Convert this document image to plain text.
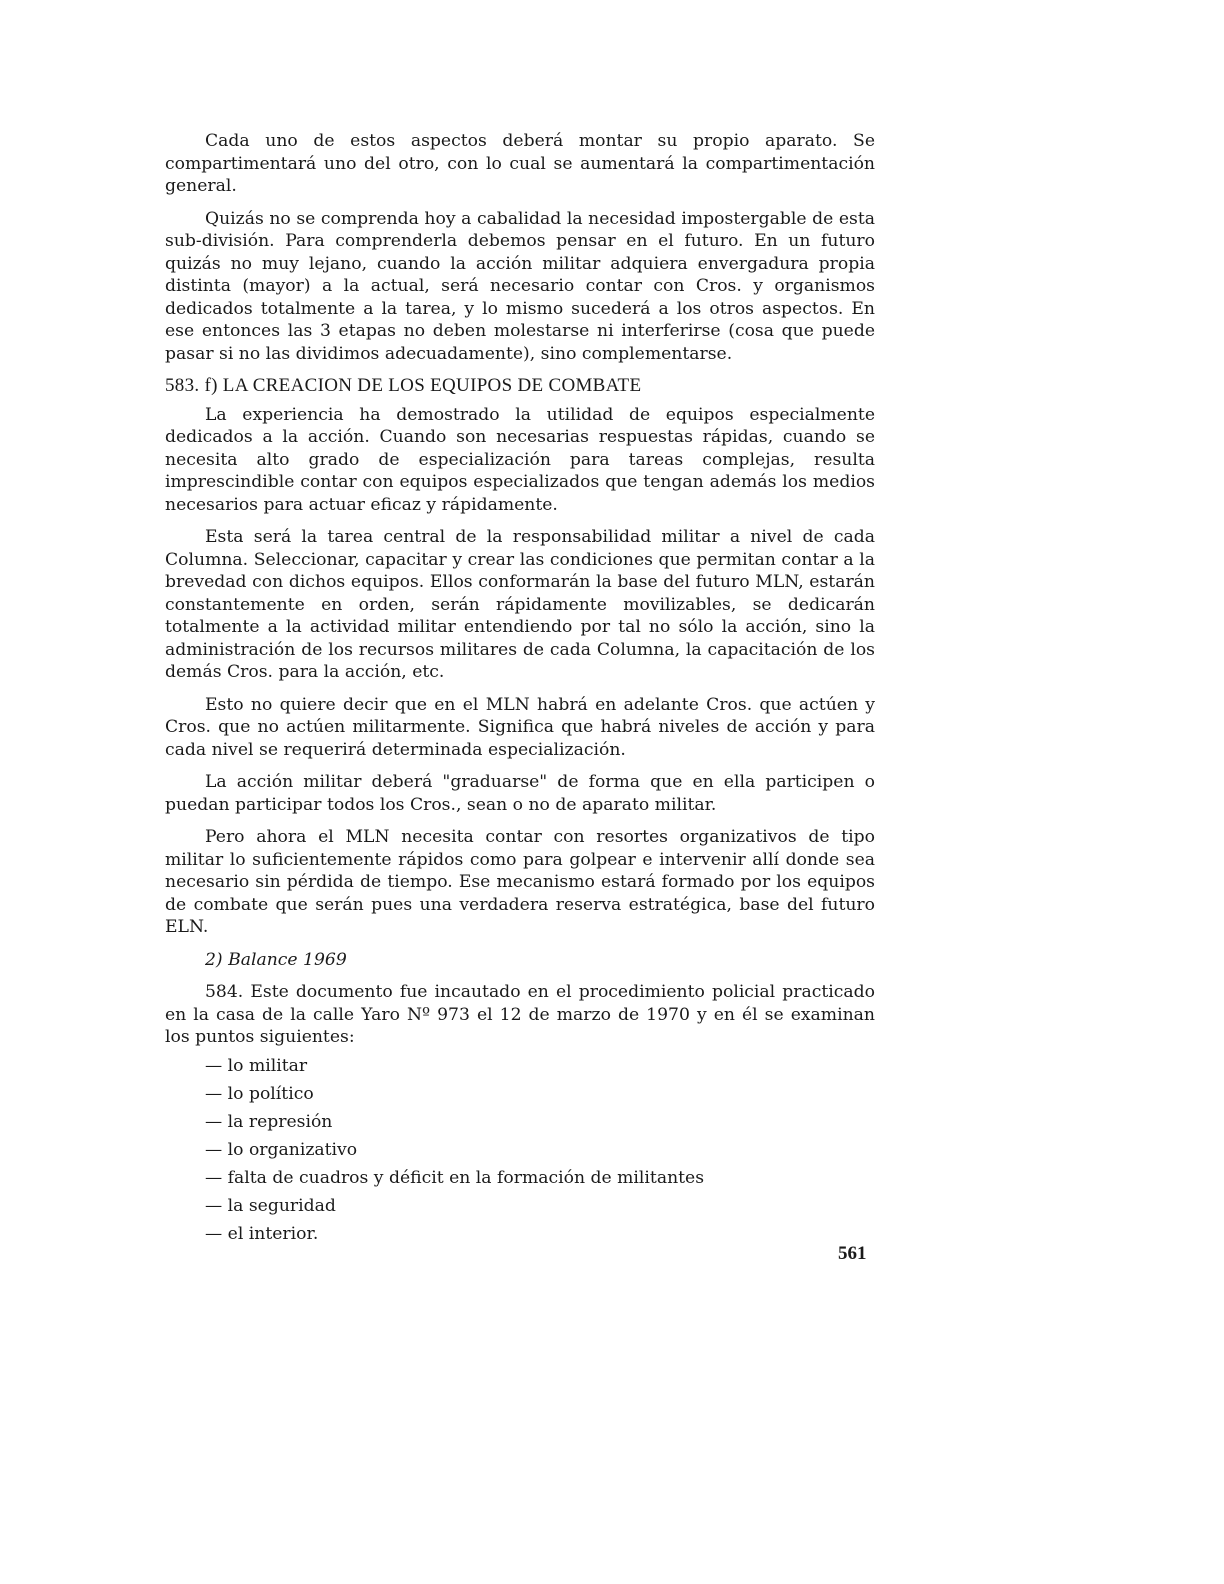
Cada uno de estos aspectos deberá montar su propio aparato. Se compartimentará uno del otro, con lo cual se aumentará la compartimentación general.

Quizás no se comprenda hoy a cabalidad la necesidad impostergable de esta sub-división. Para comprenderla debemos pensar en el futuro. En un futuro quizás no muy lejano, cuando la acción militar adquiera envergadura propia distinta (mayor) a la actual, será necesario contar con Cros. y organismos dedicados totalmente a la tarea, y lo mismo sucederá a los otros aspectos. En ese entonces las 3 etapas no deben molestarse ni interferirse (cosa que puede pasar si no las dividimos adecuadamente), sino complementarse.

583. f) LA CREACION DE LOS EQUIPOS DE COMBATE

La experiencia ha demostrado la utilidad de equipos especialmente dedicados a la acción. Cuando son necesarias respuestas rápidas, cuando se necesita alto grado de especialización para tareas complejas, resulta imprescindible contar con equipos especializados que tengan además los medios necesarios para actuar eficaz y rápidamente.

Esta será la tarea central de la responsabilidad militar a nivel de cada Columna. Seleccionar, capacitar y crear las condiciones que permitan contar a la brevedad con dichos equipos. Ellos conformarán la base del futuro MLN, estarán constantemente en orden, serán rápidamente movilizables, se dedicarán totalmente a la actividad militar entendiendo por tal no sólo la acción, sino la administración de los recursos militares de cada Columna, la capacitación de los demás Cros. para la acción, etc.

Esto no quiere decir que en el MLN habrá en adelante Cros. que actúen y Cros. que no actúen militarmente. Significa que habrá niveles de acción y para cada nivel se requerirá determinada especialización.

La acción militar deberá "graduarse" de forma que en ella participen o puedan participar todos los Cros., sean o no de aparato militar.

Pero ahora el MLN necesita contar con resortes organizativos de tipo militar lo suficientemente rápidos como para golpear e intervenir allí donde sea necesario sin pérdida de tiempo. Ese mecanismo estará formado por los equipos de combate que serán pues una verdadera reserva estratégica, base del futuro ELN.

2) Balance 1969

584. Este documento fue incautado en el procedimiento policial practicado en la casa de la calle Yaro Nº 973 el 12 de marzo de 1970 y en él se examinan los puntos siguientes:

— lo militar
— lo político
— la represión
— lo organizativo
— falta de cuadros y déficit en la formación de militantes
— la seguridad
— el interior.
561
